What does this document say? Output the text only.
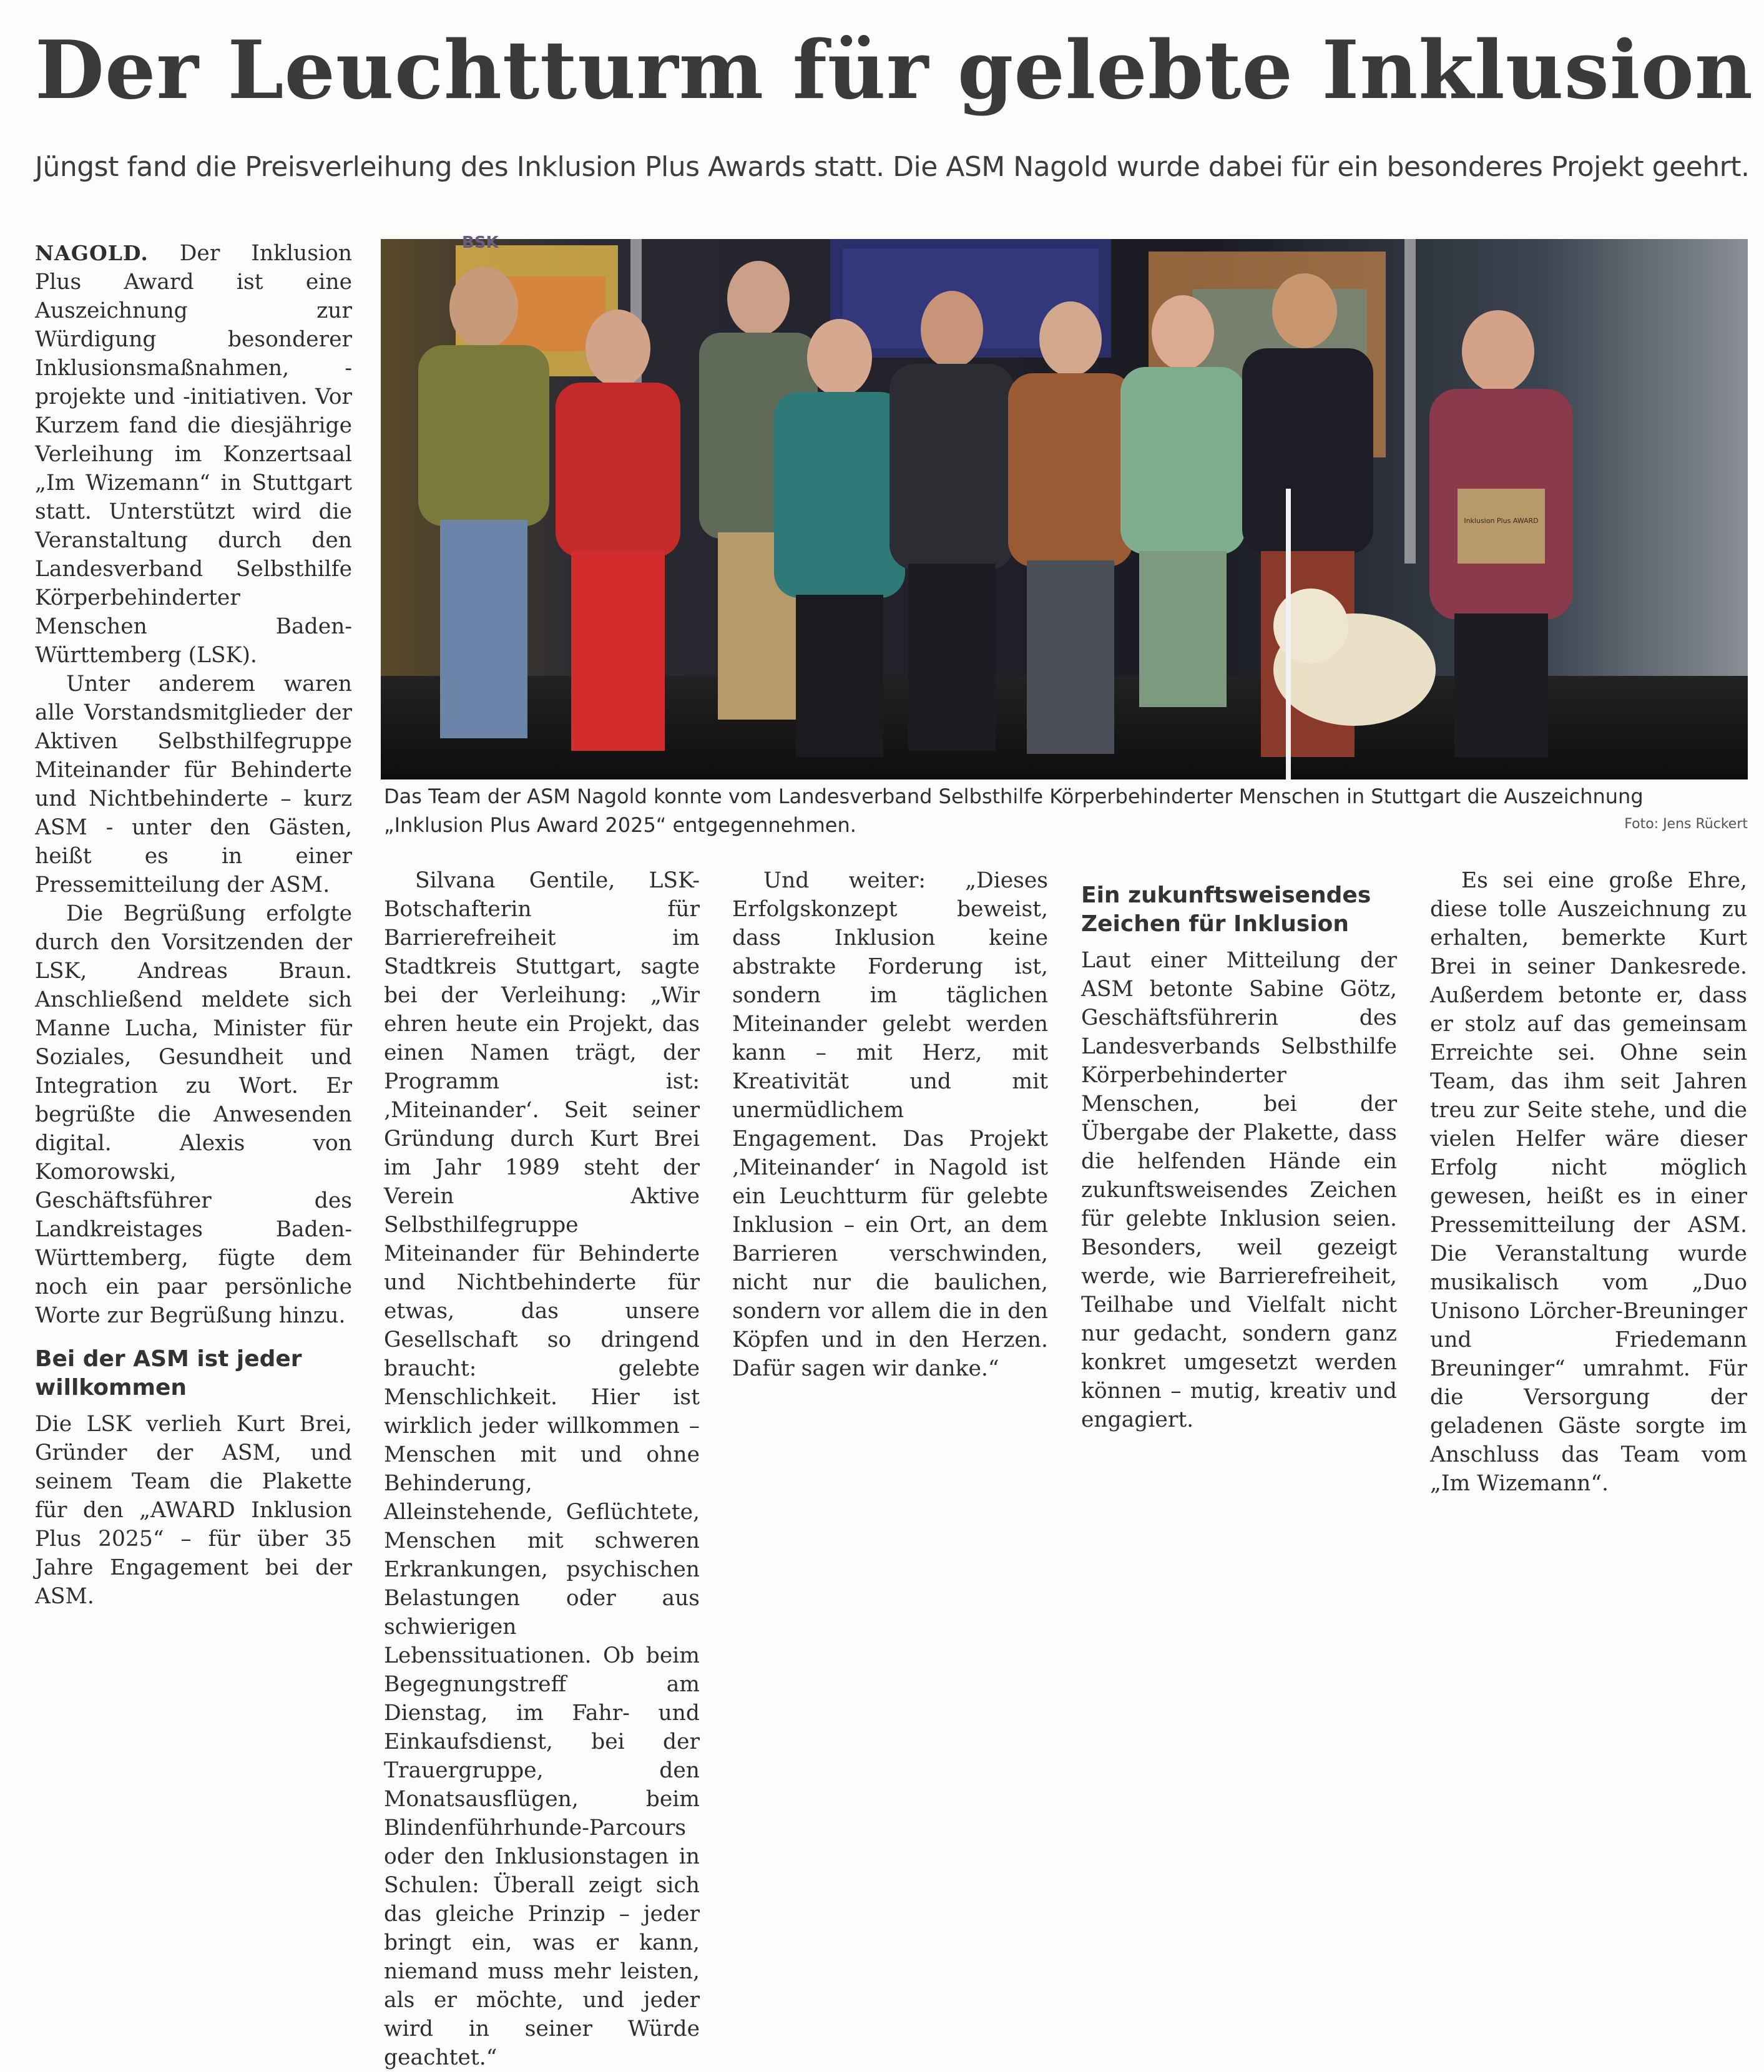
Der Leuchtturm für gelebte Inklusion

Jüngst fand die Preisverleihung des Inklusion Plus Awards statt. Die ASM Nagold wurde dabei für ein besonderes Projekt geehrt.

BSK
Inklusion Plus AWARD

Das Team der ASM Nagold konnte vom Landesverband Selbsthilfe Körperbehinderter Menschen in Stuttgart die Auszeichnung „Inklusion Plus Award 2025“ entgegennehmen.	Foto: Jens Rückert

NAGOLD. Der Inklusion Plus Award ist eine Auszeichnung zur Würdigung besonderer Inklusionsmaßnahmen, -projekte und -initiativen. Vor Kurzem fand die diesjährige Verleihung im Konzertsaal „Im Wizemann“ in Stuttgart statt. Unterstützt wird die Veranstaltung durch den Landesverband Selbsthilfe Körperbehinderter Menschen Baden-Württemberg (LSK).

Unter anderem waren alle Vorstandsmitglieder der Aktiven Selbsthilfegruppe Miteinander für Behinderte und Nichtbehinderte – kurz ASM - unter den Gästen, heißt es in einer Pressemitteilung der ASM.

Die Begrüßung erfolgte durch den Vorsitzenden der LSK, Andreas Braun. Anschließend meldete sich Manne Lucha, Minister für Soziales, Gesundheit und Integration zu Wort. Er begrüßte die Anwesenden digital. Alexis von Komorowski, Geschäftsführer des Landkreistages Baden-Württemberg, fügte dem noch ein paar persönliche Worte zur Begrüßung hinzu.

Bei der ASM ist jeder willkommen

Die LSK verlieh Kurt Brei, Gründer der ASM, und seinem Team die Plakette für den „AWARD Inklusion Plus 2025“ – für über 35 Jahre Engagement bei der ASM.

Silvana Gentile, LSK-Botschafterin für Barrierefreiheit im Stadtkreis Stuttgart, sagte bei der Verleihung: „Wir ehren heute ein Projekt, das einen Namen trägt, der Programm ist: ‚Miteinander‘. Seit seiner Gründung durch Kurt Brei im Jahr 1989 steht der Verein Aktive Selbsthilfegruppe Miteinander für Behinderte und Nichtbehinderte für etwas, das unsere Gesellschaft so dringend braucht: gelebte Menschlichkeit. Hier ist wirklich jeder willkommen – Menschen mit und ohne Behinderung, Alleinstehende, Geflüchtete, Menschen mit schweren Erkrankungen, psychischen Belastungen oder aus schwierigen Lebenssituationen. Ob beim Begegnungstreff am Dienstag, im Fahr- und Einkaufsdienst, bei der Trauergruppe, den Monatsausflügen, beim Blindenführhunde-Parcours oder den Inklusionstagen in Schulen: Überall zeigt sich das gleiche Prinzip – jeder bringt ein, was er kann, niemand muss mehr leisten, als er möchte, und jeder wird in seiner Würde geachtet.“

Und weiter: „Dieses Erfolgskonzept beweist, dass Inklusion keine abstrakte Forderung ist, sondern im täglichen Miteinander gelebt werden kann – mit Herz, mit Kreativität und mit unermüdlichem Engagement. Das Projekt ‚Miteinander‘ in Nagold ist ein Leuchtturm für gelebte Inklusion – ein Ort, an dem Barrieren verschwinden, nicht nur die baulichen, sondern vor allem die in den Köpfen und in den Herzen. Dafür sagen wir danke.“

Ein zukunftsweisendes Zeichen für Inklusion

Laut einer Mitteilung der ASM betonte Sabine Götz, Geschäftsführerin des Landesverbands Selbsthilfe Körperbehinderter Menschen, bei der Übergabe der Plakette, dass die helfenden Hände ein zukunftsweisendes Zeichen für gelebte Inklusion seien. Besonders, weil gezeigt werde, wie Barrierefreiheit, Teilhabe und Vielfalt nicht nur gedacht, sondern ganz konkret umgesetzt werden können – mutig, kreativ und engagiert.

Es sei eine große Ehre, diese tolle Auszeichnung zu erhalten, bemerkte Kurt Brei in seiner Dankesrede. Außerdem betonte er, dass er stolz auf das gemeinsam Erreichte sei. Ohne sein Team, das ihm seit Jahren treu zur Seite stehe, und die vielen Helfer wäre dieser Erfolg nicht möglich gewesen, heißt es in einer Pressemitteilung der ASM. Die Veranstaltung wurde musikalisch vom „Duo Unisono Lörcher-Breuninger und Friedemann Breuninger“ umrahmt. Für die Versorgung der geladenen Gäste sorgte im Anschluss das Team vom „Im Wizemann“.
